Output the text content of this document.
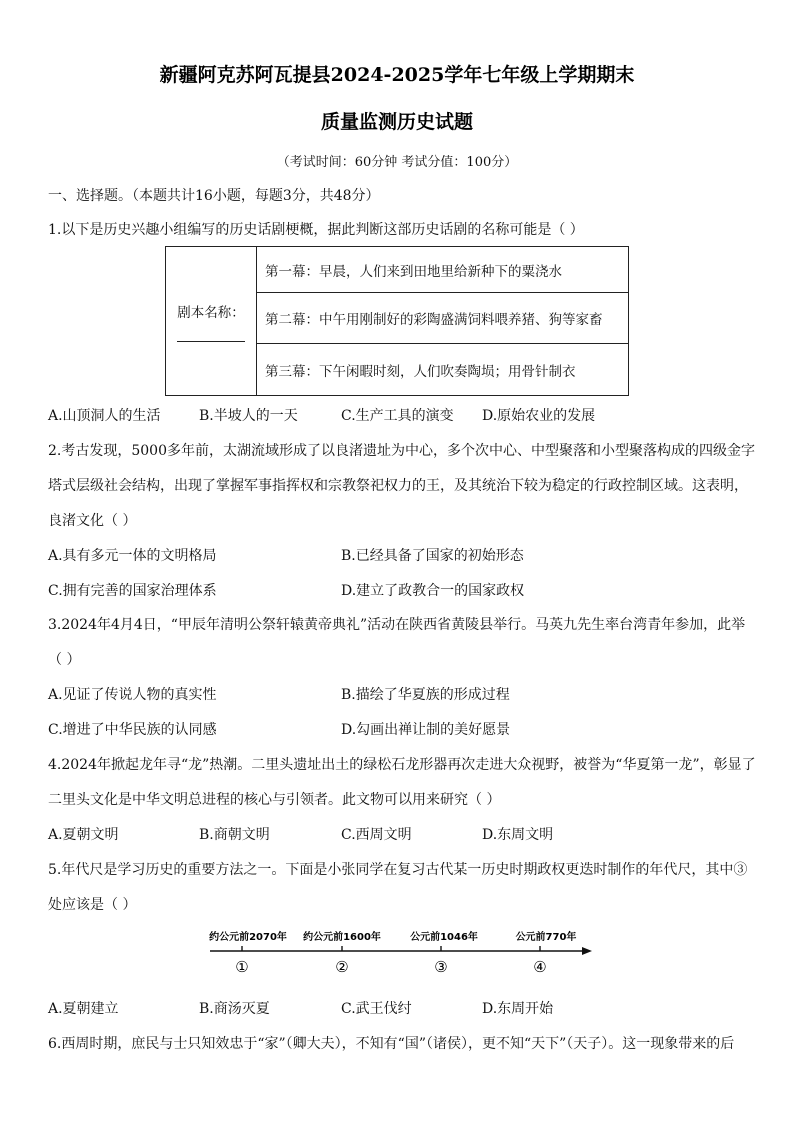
新疆阿克苏阿瓦提县2024-2025学年七年级上学期期末
质量监测历史试题
（考试时间：60分钟 考试分值：100分）
一、选择题。（本题共计16小题，每题3分，共48分）
1.以下是历史兴趣小组编写的历史话剧梗概，据此判断这部历史话剧的名称可能是（ ）
剧本名称：
	第一幕：早晨，人们来到田地里给新种下的粟浇水
第二幕：中午用刚制好的彩陶盛满饲料喂养猪、狗等家畜
第三幕：下午闲暇时刻，人们吹奏陶埙；用骨针制衣
A.山顶洞人的生活	B.半坡人的一天	C.生产工具的演变 D.原始农业的发展
2.考古发现，5000多年前，太湖流域形成了以良渚遗址为中心，多个次中心、中型聚落和小型聚落构成的四级金字
塔式层级社会结构，出现了掌握军事指挥权和宗教祭祀权力的王，及其统治下较为稳定的行政控制区域。这表明，
良渚文化（ ）
A.具有多元一体的文明格局	B.已经具备了国家的初始形态
C.拥有完善的国家治理体系	D.建立了政教合一的国家政权
3.2024年4月4日，“甲辰年清明公祭轩辕黄帝典礼”活动在陕西省黄陵县举行。马英九先生率台湾青年参加，此举
（ ）
A.见证了传说人物的真实性	B.描绘了华夏族的形成过程
C.增进了中华民族的认同感	D.勾画出禅让制的美好愿景
4.2024年掀起龙年寻“龙”热潮。二里头遗址出土的绿松石龙形器再次走进大众视野，被誉为“华夏第一龙”，彰显了
二里头文化是中华文明总进程的核心与引领者。此文物可以用来研究（ ）
A.夏朝文明	B.商朝文明	C.西周文明	D.东周文明
5.年代尺是学习历史的重要方法之一。下面是小张同学在复习古代某一历史时期政权更迭时制作的年代尺，其中③
处应该是（ ）
约公元前2070年 约公元前1600年	公元前1046年	公元前770年
①	②	③	④
A.夏朝建立	B.商汤灭夏	C.武王伐纣	D.东周开始
6.西周时期，庶民与士只知效忠于“家”（卿大夫），不知有“国”（诸侯），更不知“天下”（天子）。这一现象带来的后
